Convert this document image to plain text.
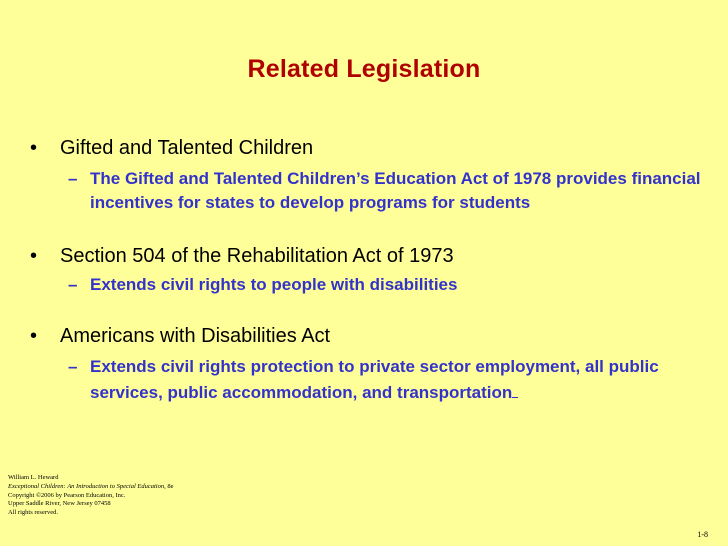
Related Legislation
• Gifted and Talented Children
– The Gifted and Talented Children’s Education Act of 1978 provides financial incentives for states to develop programs for students
• Section 504 of the Rehabilitation Act of 1973
– Extends civil rights to people with disabilities
• Americans with Disabilities Act
– Extends civil rights protection to private sector employment, all public services, public accommodation, and transportation
William L. Heward
Exceptional Children: An Introduction to Special Education, 8e
Copyright ©2006 by Pearson Education, Inc.
Upper Saddle River, New Jersey 07458
All rights reserved.
1-8
